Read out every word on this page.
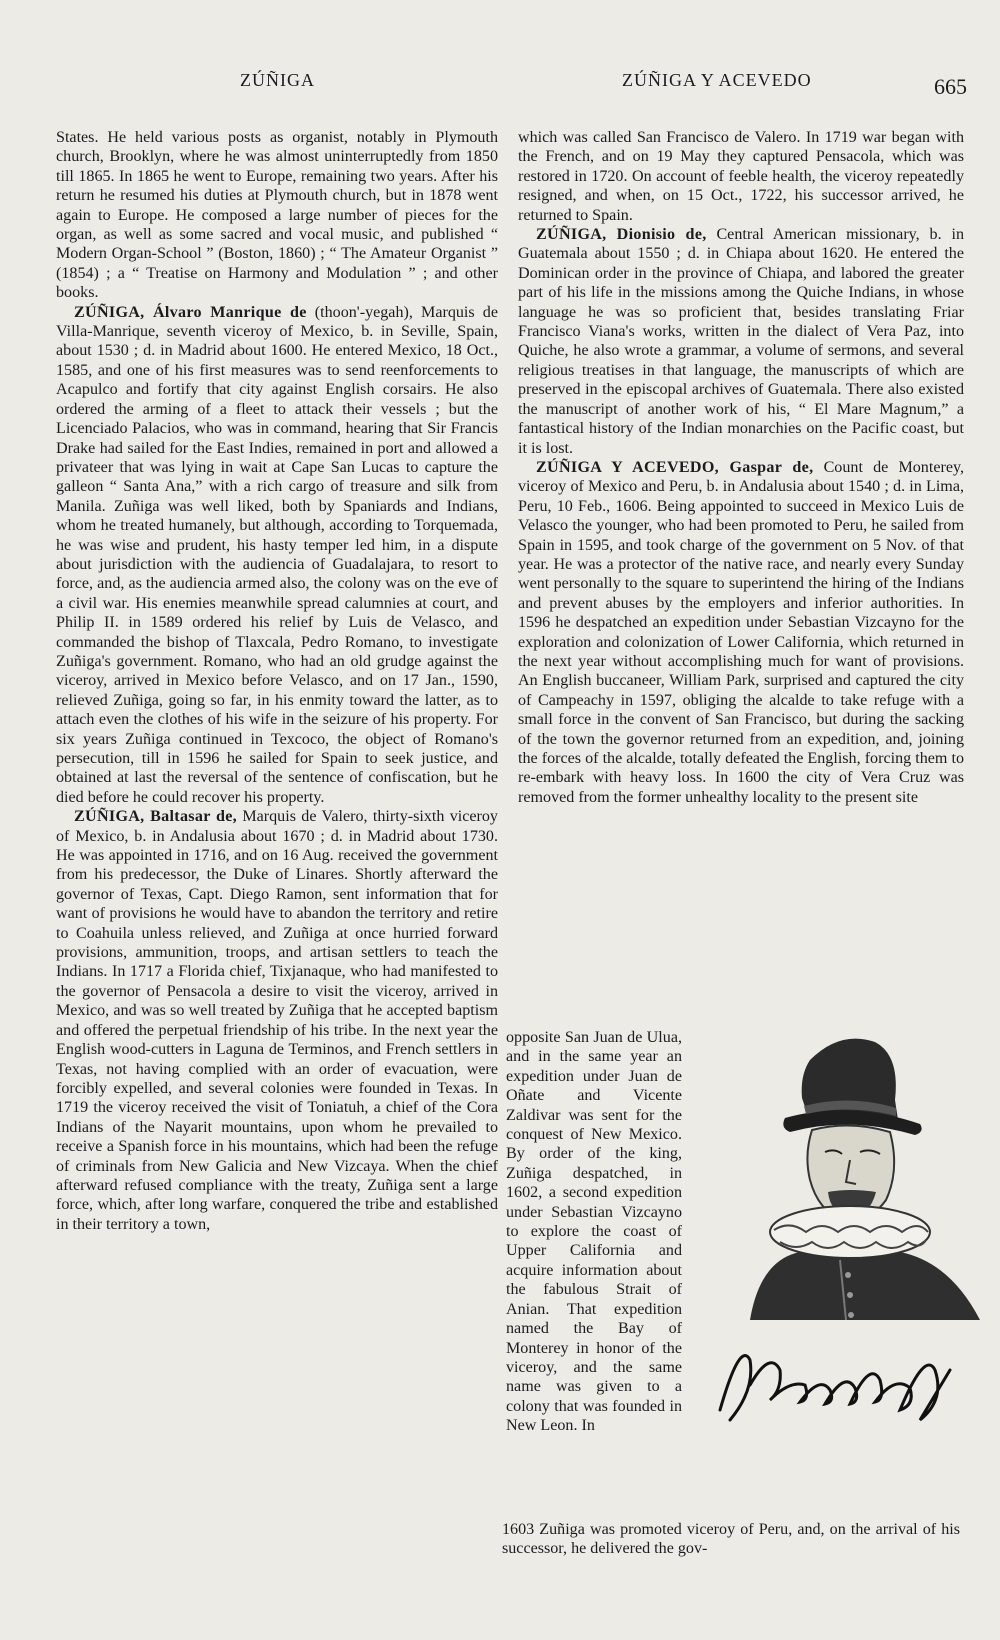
ZÚÑIGA	ZÚÑIGA Y ACEVEDO	665

States. He held various posts as organist, notably in Plymouth church, Brooklyn, where he was almost uninterruptedly from 1850 till 1865. In 1865 he went to Europe, remaining two years. After his return he resumed his duties at Plymouth church, but in 1878 went again to Europe. He composed a large number of pieces for the organ, as well as some sacred and vocal music, and published “ Modern Organ-School ” (Boston, 1860) ; “ The Amateur Organist ” (1854) ; a “ Treatise on Harmony and Modulation ” ; and other books.

ZÚÑIGA, Álvaro Manrique de (thoon'-yegah), Marquis de Villa-Manrique, seventh viceroy of Mexico, b. in Seville, Spain, about 1530 ; d. in Madrid about 1600. He entered Mexico, 18 Oct., 1585, and one of his first measures was to send reenforcements to Acapulco and fortify that city against English corsairs. He also ordered the arming of a fleet to attack their vessels ; but the Licenciado Palacios, who was in command, hearing that Sir Francis Drake had sailed for the East Indies, remained in port and allowed a privateer that was lying in wait at Cape San Lucas to capture the galleon “ Santa Ana,” with a rich cargo of treasure and silk from Manila. Zuñiga was well liked, both by Spaniards and Indians, whom he treated humanely, but although, according to Torquemada, he was wise and prudent, his hasty temper led him, in a dispute about jurisdiction with the audiencia of Guadalajara, to resort to force, and, as the audiencia armed also, the colony was on the eve of a civil war. His enemies meanwhile spread calumnies at court, and Philip II. in 1589 ordered his relief by Luis de Velasco, and commanded the bishop of Tlaxcala, Pedro Romano, to investigate Zuñiga's government. Romano, who had an old grudge against the viceroy, arrived in Mexico before Velasco, and on 17 Jan., 1590, relieved Zuñiga, going so far, in his enmity toward the latter, as to attach even the clothes of his wife in the seizure of his property. For six years Zuñiga continued in Texcoco, the object of Romano's persecution, till in 1596 he sailed for Spain to seek justice, and obtained at last the reversal of the sentence of confiscation, but he died before he could recover his property.

ZÚÑIGA, Baltasar de, Marquis de Valero, thirty-sixth viceroy of Mexico, b. in Andalusia about 1670 ; d. in Madrid about 1730. He was appointed in 1716, and on 16 Aug. received the government from his predecessor, the Duke of Linares. Shortly afterward the governor of Texas, Capt. Diego Ramon, sent information that for want of provisions he would have to abandon the territory and retire to Coahuila unless relieved, and Zuñiga at once hurried forward provisions, ammunition, troops, and artisan settlers to teach the Indians. In 1717 a Florida chief, Tixjanaque, who had manifested to the governor of Pensacola a desire to visit the viceroy, arrived in Mexico, and was so well treated by Zuñiga that he accepted baptism and offered the perpetual friendship of his tribe. In the next year the English wood-cutters in Laguna de Terminos, and French settlers in Texas, not having complied with an order of evacuation, were forcibly expelled, and several colonies were founded in Texas. In 1719 the viceroy received the visit of Toniatuh, a chief of the Cora Indians of the Nayarit mountains, upon whom he prevailed to receive a Spanish force in his mountains, which had been the refuge of criminals from New Galicia and New Vizcaya. When the chief afterward refused compliance with the treaty, Zuñiga sent a large force, which, after long warfare, conquered the tribe and established in their territory a town,

which was called San Francisco de Valero. In 1719 war began with the French, and on 19 May they captured Pensacola, which was restored in 1720. On account of feeble health, the viceroy repeatedly resigned, and when, on 15 Oct., 1722, his successor arrived, he returned to Spain.

ZÚÑIGA, Dionisio de, Central American missionary, b. in Guatemala about 1550 ; d. in Chiapa about 1620. He entered the Dominican order in the province of Chiapa, and labored the greater part of his life in the missions among the Quiche Indians, in whose language he was so proficient that, besides translating Friar Francisco Viana's works, written in the dialect of Vera Paz, into Quiche, he also wrote a grammar, a volume of sermons, and several religious treatises in that language, the manuscripts of which are preserved in the episcopal archives of Guatemala. There also existed the manuscript of another work of his, “ El Mare Magnum,” a fantastical history of the Indian monarchies on the Pacific coast, but it is lost.

ZÚÑIGA Y ACEVEDO, Gaspar de, Count de Monterey, viceroy of Mexico and Peru, b. in Andalusia about 1540 ; d. in Lima, Peru, 10 Feb., 1606. Being appointed to succeed in Mexico Luis de Velasco the younger, who had been promoted to Peru, he sailed from Spain in 1595, and took charge of the government on 5 Nov. of that year. He was a protector of the native race, and nearly every Sunday went personally to the square to superintend the hiring of the Indians and prevent abuses by the employers and inferior authorities. In 1596 he despatched an expedition under Sebastian Vizcayno for the exploration and colonization of Lower California, which returned in the next year without accomplishing much for want of provisions. An English buccaneer, William Park, surprised and captured the city of Campeachy in 1597, obliging the alcalde to take refuge with a small force in the convent of San Francisco, but during the sacking of the town the governor returned from an expedition, and, joining the forces of the alcalde, totally defeated the English, forcing them to re-embark with heavy loss. In 1600 the city of Vera Cruz was removed from the former unhealthy locality to the present site

opposite San Juan de Ulua, and in the same year an expedition under Juan de Oñate and Vicente Zaldivar was sent for the conquest of New Mexico. By order of the king, Zuñiga despatched, in 1602, a second expedition under Sebastian Vizcayno to explore the coast of Upper California and acquire information about the fabulous Strait of Anian. That expedition named the Bay of Monterey in honor of the viceroy, and the same name was given to a colony that was founded in New Leon. In

1603 Zuñiga was promoted viceroy of Peru, and, on the arrival of his successor, he delivered the gov-
